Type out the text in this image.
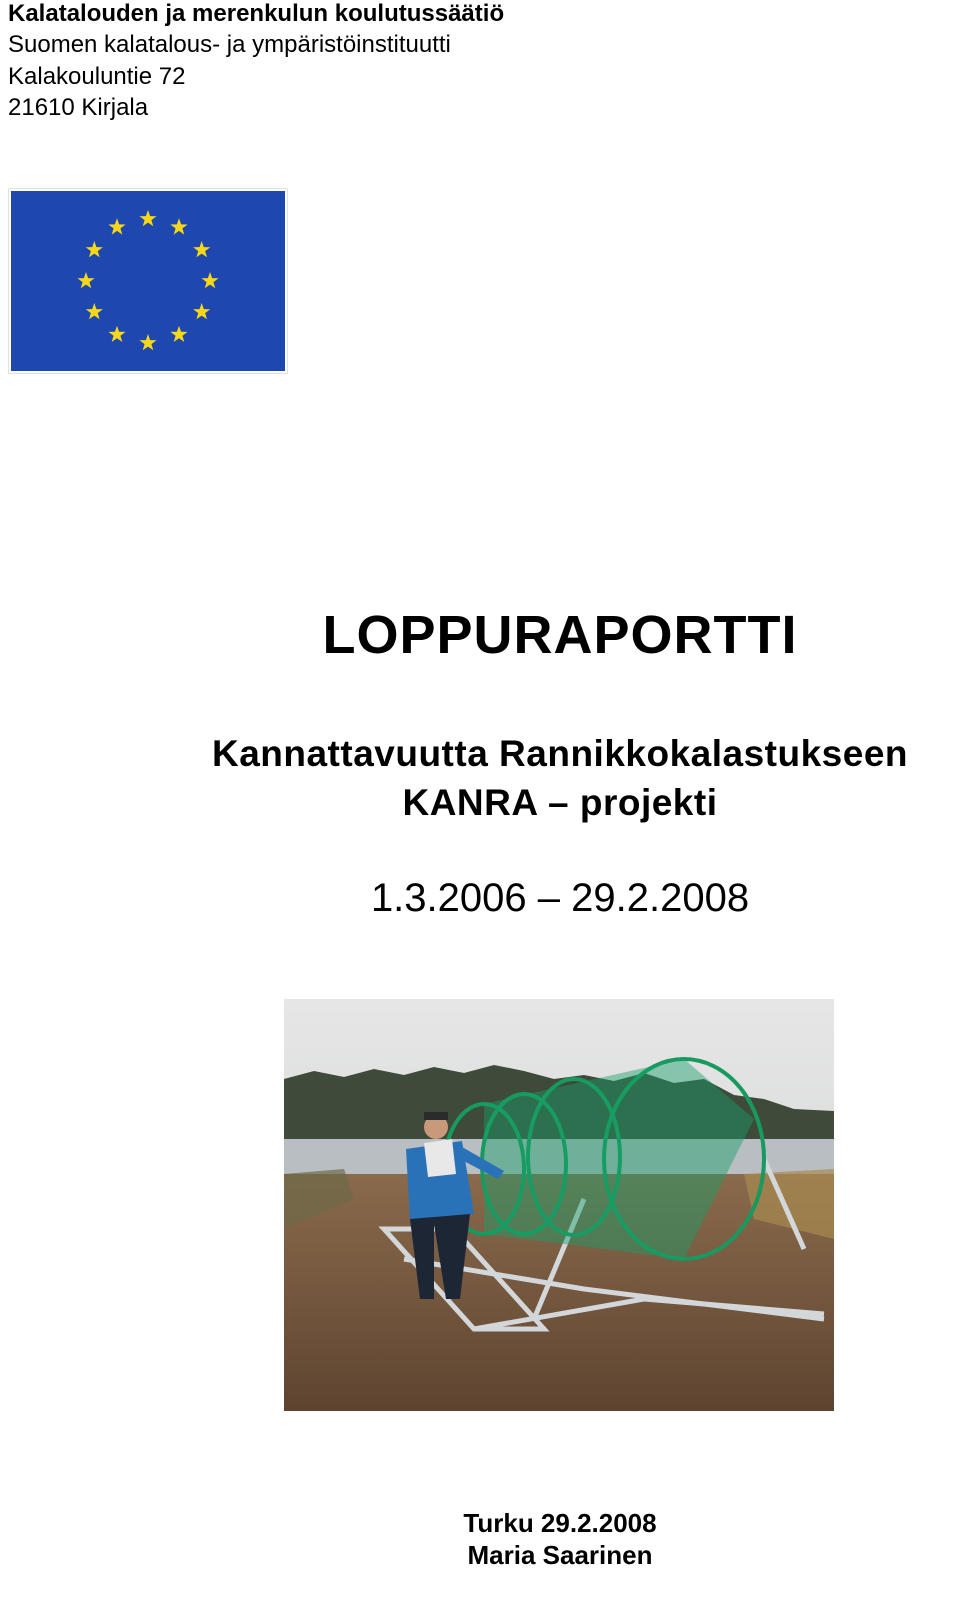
Kalatalouden ja merenkulun koulutussäätiö
Suomen kalatalous- ja ympäristöinstituutti
Kalakouluntie 72
21610 Kirjala
LOPPURAPORTTI
Kannattavuutta Rannikkokalastukseen
KANRA – projekti
1.3.2006 – 29.2.2008
Turku 29.2.2008
Maria Saarinen
